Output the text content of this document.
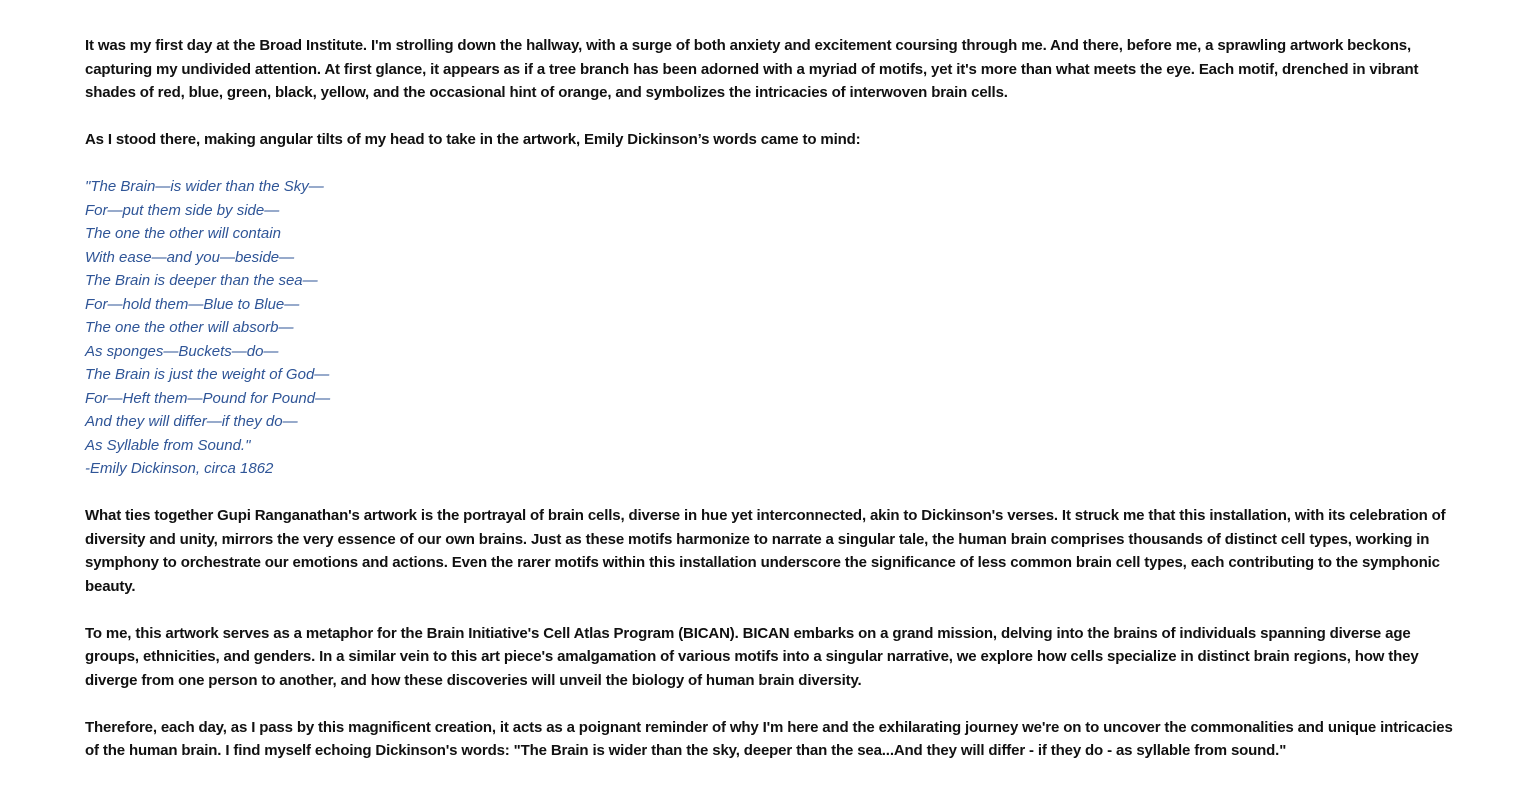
It was my first day at the Broad Institute. I'm strolling down the hallway, with a surge of both anxiety and excitement coursing through me. And there, before me, a sprawling artwork beckons, capturing my undivided attention. At first glance, it appears as if a tree branch has been adorned with a myriad of motifs, yet it's more than what meets the eye. Each motif, drenched in vibrant shades of red, blue, green, black, yellow, and the occasional hint of orange, and symbolizes the intricacies of interwoven brain cells.

As I stood there, making angular tilts of my head to take in the artwork, Emily Dickinson’s words came to mind:

"The Brain—is wider than the Sky—
For—put them side by side—
The one the other will contain
With ease—and you—beside—
The Brain is deeper than the sea—
For—hold them—Blue to Blue—
The one the other will absorb—
As sponges—Buckets—do—
The Brain is just the weight of God—
For—Heft them—Pound for Pound—
And they will differ—if they do—
As Syllable from Sound."
-Emily Dickinson, circa 1862

What ties together Gupi Ranganathan's artwork is the portrayal of brain cells, diverse in hue yet interconnected, akin to Dickinson's verses. It struck me that this installation, with its celebration of diversity and unity, mirrors the very essence of our own brains. Just as these motifs harmonize to narrate a singular tale, the human brain comprises thousands of distinct cell types, working in symphony to orchestrate our emotions and actions. Even the rarer motifs within this installation underscore the significance of less common brain cell types, each contributing to the symphonic beauty.

To me, this artwork serves as a metaphor for the Brain Initiative's Cell Atlas Program (BICAN). BICAN embarks on a grand mission, delving into the brains of individuals spanning diverse age groups, ethnicities, and genders. In a similar vein to this art piece's amalgamation of various motifs into a singular narrative, we explore how cells specialize in distinct brain regions, how they diverge from one person to another, and how these discoveries will unveil the biology of human brain diversity.

Therefore, each day, as I pass by this magnificent creation, it acts as a poignant reminder of why I'm here and the exhilarating journey we're on to uncover the commonalities and unique intricacies of the human brain. I find myself echoing Dickinson's words: "The Brain is wider than the sky, deeper than the sea...And they will differ - if they do - as syllable from sound."
